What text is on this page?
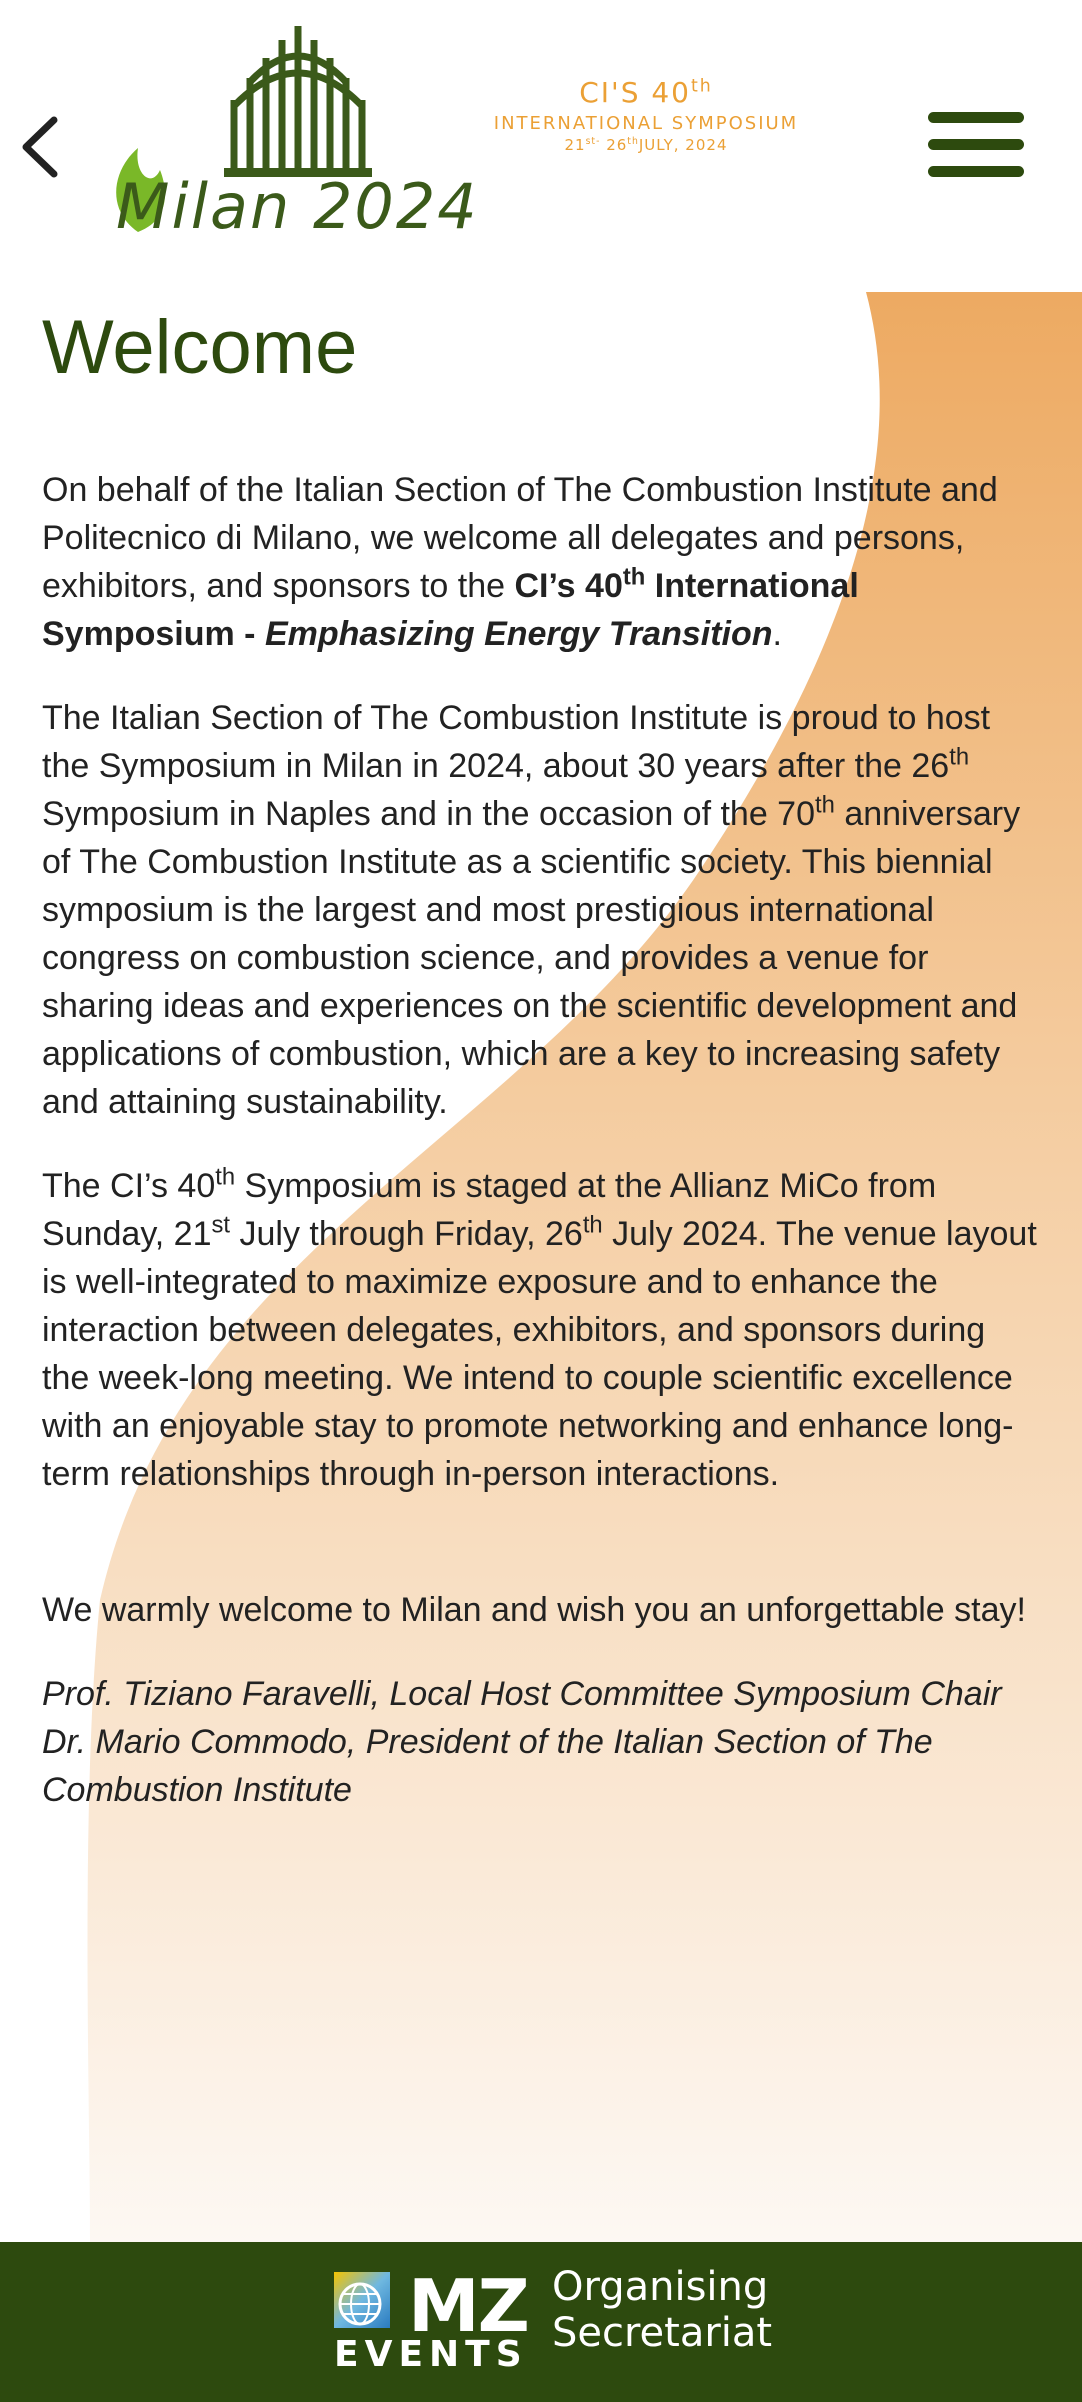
Milan 2024
CI'S 40th
INTERNATIONAL SYMPOSIUM
$21^{st-}$ 26thJULY, 2024
Welcome

On behalf of the Italian Section of The Combustion Institute and Politecnico di Milano, we welcome all delegates and persons, exhibitors, and sponsors to the CI’s 40th International Symposium - Emphasizing Energy Transition.

The Italian Section of The Combustion Institute is proud to host the Symposium in Milan in 2024, about 30 years after the 26th Symposium in Naples and in the occasion of the 70th anniversary of The Combustion Institute as a scientific society. This biennial symposium is the largest and most prestigious international congress on combustion science, and provides a venue for sharing ideas and experiences on the scientific development and applications of combustion, which are a key to increasing safety and attaining sustainability.

The CI’s 40th Symposium is staged at the Allianz MiCo from Sunday, 21st July through Friday, 26th July 2024. The venue layout is well-integrated to maximize exposure and to enhance the interaction between delegates, exhibitors, and sponsors during the week-long meeting. We intend to couple scientific excellence with an enjoyable stay to promote networking and enhance long-term relationships through in-person interactions.

We warmly welcome to Milan and wish you an unforgettable stay!

Prof. Tiziano Faravelli, Local Host Committee Symposium Chair
Dr. Mario Commodo, President of the Italian Section of The Combustion Institute

MZ
EVENTS
Organising
Secretariat
